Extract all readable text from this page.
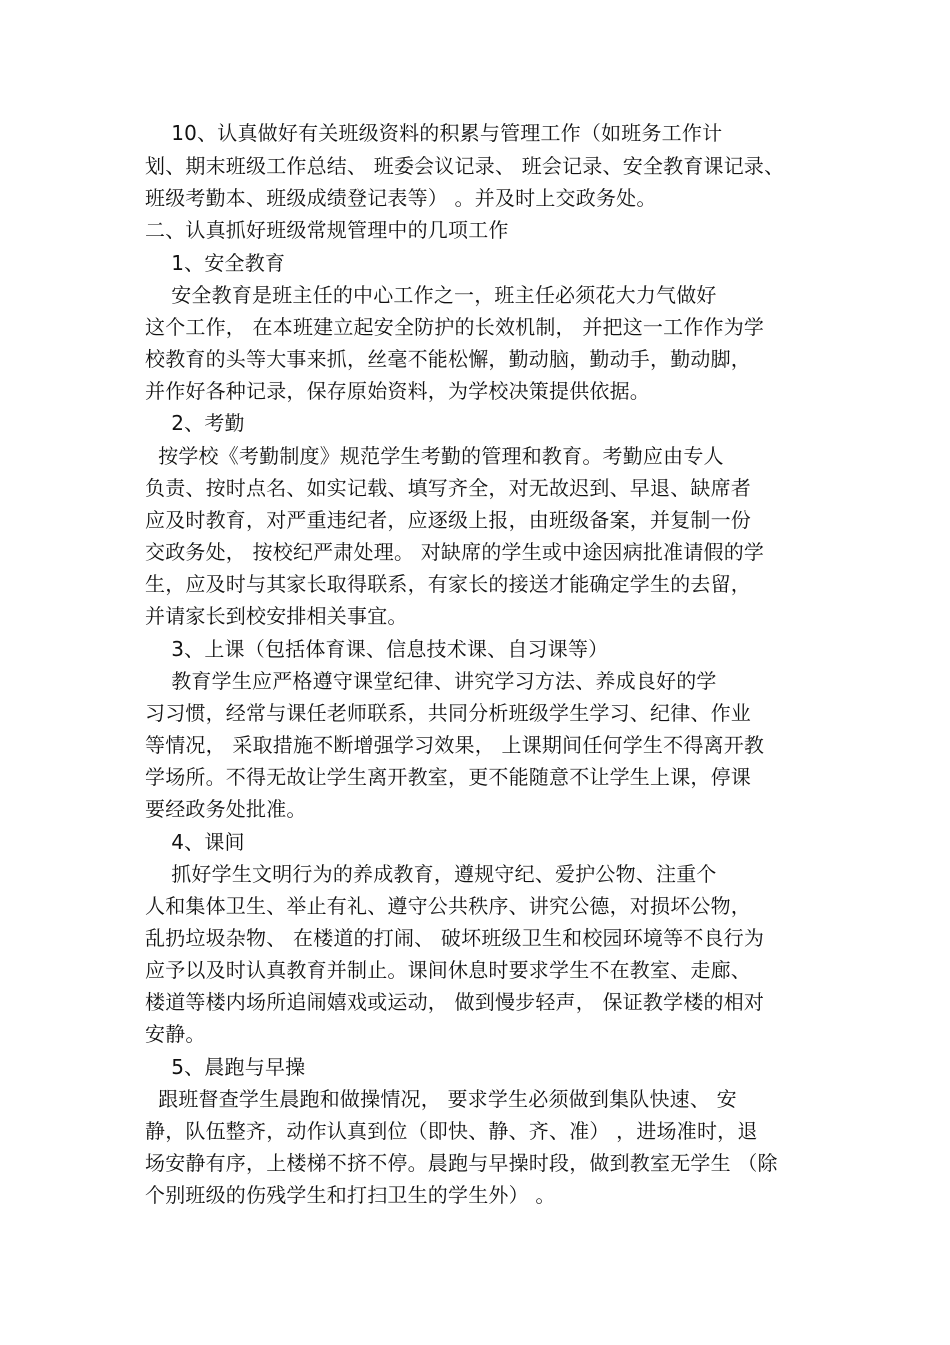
10、认真做好有关班级资料的积累与管理工作（如班务工作计
划、期末班级工作总结、 班委会议记录、 班会记录、安全教育课记录、
班级考勤本、班级成绩登记表等） 。并及时上交政务处。
二、认真抓好班级常规管理中的几项工作
1、安全教育
安全教育是班主任的中心工作之一，班主任必须花大力气做好
这个工作， 在本班建立起安全防护的长效机制， 并把这一工作作为学
校教育的头等大事来抓，丝毫不能松懈，勤动脑，勤动手，勤动脚，
并作好各种记录，保存原始资料，为学校决策提供依据。
2、考勤
按学校《考勤制度》规范学生考勤的管理和教育。考勤应由专人
负责、按时点名、如实记载、填写齐全，对无故迟到、早退、缺席者
应及时教育，对严重违纪者，应逐级上报，由班级备案，并复制一份
交政务处， 按校纪严肃处理。 对缺席的学生或中途因病批准请假的学
生，应及时与其家长取得联系，有家长的接送才能确定学生的去留，
并请家长到校安排相关事宜。
3、上课（包括体育课、信息技术课、自习课等）
教育学生应严格遵守课堂纪律、讲究学习方法、养成良好的学
习习惯，经常与课任老师联系，共同分析班级学生学习、纪律、作业
等情况， 采取措施不断增强学习效果， 上课期间任何学生不得离开教
学场所。不得无故让学生离开教室，更不能随意不让学生上课，停课
要经政务处批准。
4、课间
抓好学生文明行为的养成教育，遵规守纪、爱护公物、注重个
人和集体卫生、举止有礼、遵守公共秩序、讲究公德，对损坏公物，
乱扔垃圾杂物、 在楼道的打闹、 破坏班级卫生和校园环境等不良行为
应予以及时认真教育并制止。课间休息时要求学生不在教室、走廊、
楼道等楼内场所追闹嬉戏或运动， 做到慢步轻声， 保证教学楼的相对
安静。
5、晨跑与早操
跟班督查学生晨跑和做操情况， 要求学生必须做到集队快速、 安
静，队伍整齐，动作认真到位（即快、静、齐、准） ，进场准时，退
场安静有序，上楼梯不挤不停。晨跑与早操时段，做到教室无学生 （除
个别班级的伤残学生和打扫卫生的学生外） 。
